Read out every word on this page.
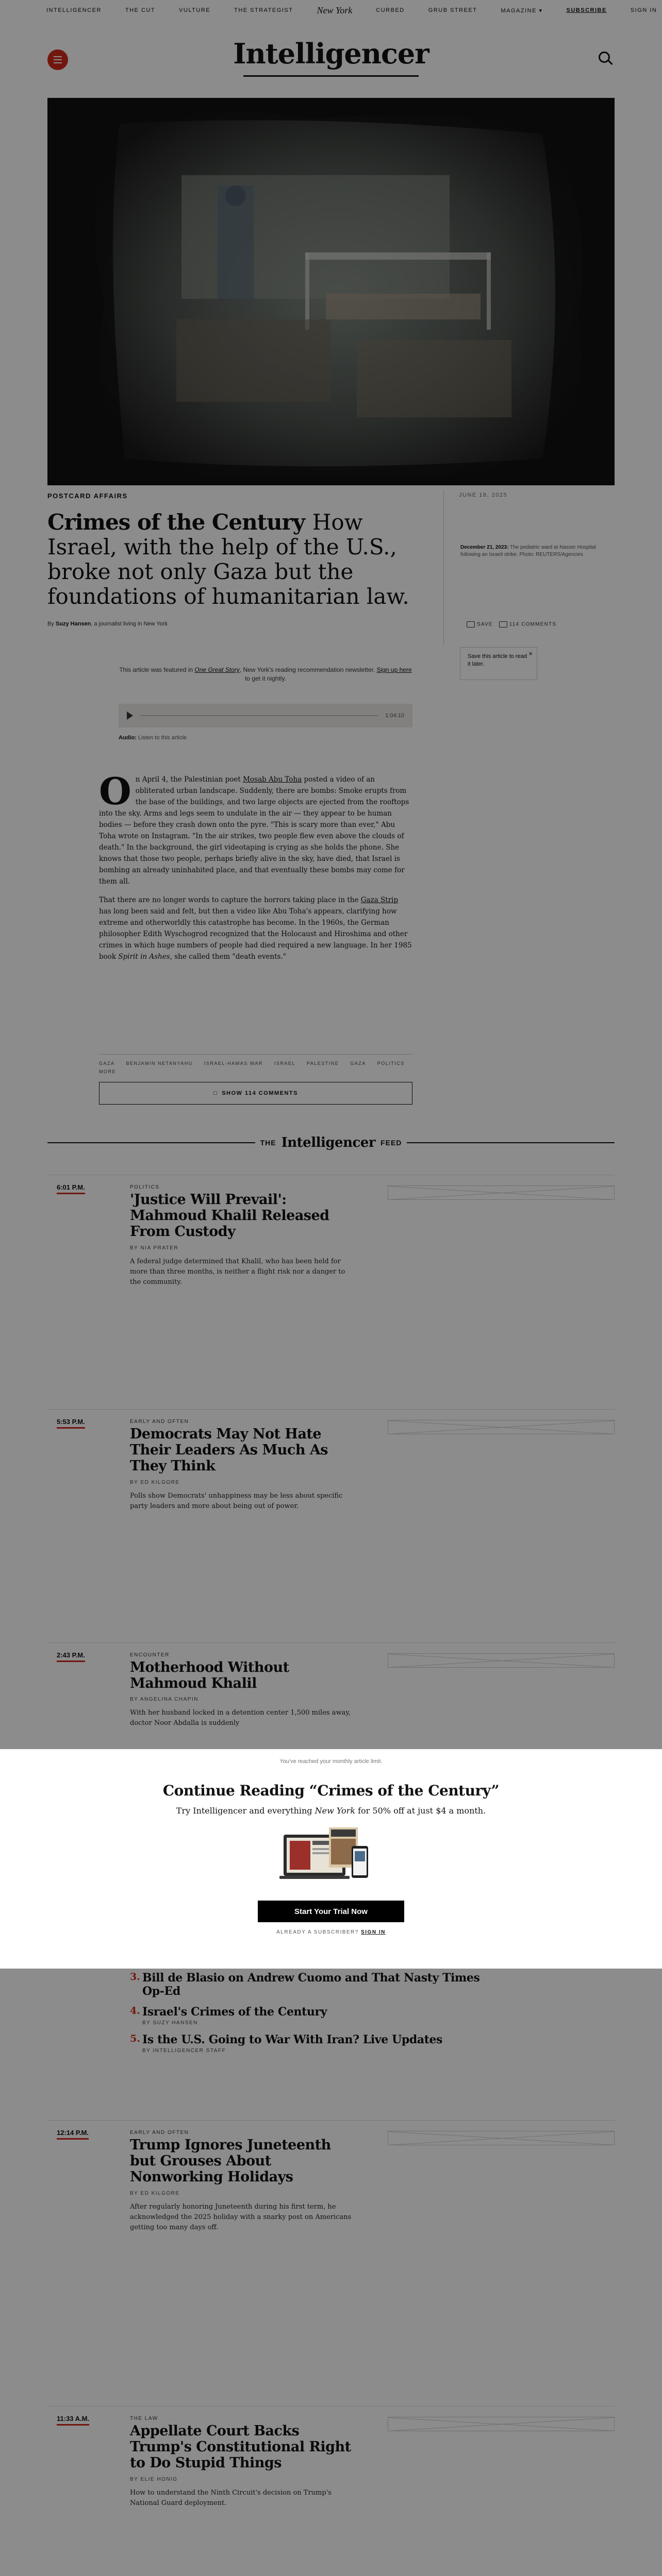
INTELLIGENCER	THE CUT	VULTURE	THE STRATEGIST	New York	CURBED	GRUB STREET	MAGAZINE ▾	SUBSCRIBE	SIGN IN
Intelligencer
POSTCARD AFFAIRS	JUNE 18, 2025
Crimes of the Century How Israel, with the help of the U.S., broke not only Gaza but the foundations of humanitarian law.
By Suzy Hansen, a journalist living in New York
December 21, 2023: The pediatric ward at Nasser Hospital following an Israeli strike. Photo: REUTERS/Agencies
SAVE	114 COMMENTS
Save this article to read it later.
×
This article was featured in One Great Story, New York's reading recommendation newsletter. Sign up here to get it nightly.
1:04:10
Audio: Listen to this article

On April 4, the Palestinian poet Mosab Abu Toha posted a video of an obliterated urban landscape. Suddenly, there are bombs: Smoke erupts from the base of the buildings, and two large objects are ejected from the rooftops into the sky. Arms and legs seem to undulate in the air — they appear to be human bodies — before they crash down onto the pyre. "This is scary more than ever," Abu Toha wrote on Instagram. "In the air strikes, two people flew even above the clouds of death." In the background, the girl videotaping is crying as she holds the phone. She knows that those two people, perhaps briefly alive in the sky, have died, that Israel is bombing an already uninhabited place, and that eventually these bombs may come for them all.

That there are no longer words to capture the horrors taking place in the Gaza Strip has long been said and felt, but then a video like Abu Toha's appears, clarifying how extreme and otherworldly this catastrophe has become. In the 1960s, the German philosopher Edith Wyschogrod recognized that the Holocaust and Hiroshima and other crimes in which huge numbers of people had died required a new language. In her 1985 book Spirit in Ashes, she called them "death events."

GAZA BENJAMIN NETANYAHU ISRAEL-HAMAS WAR ISRAEL PALESTINE GAZA POLITICS
MORE
□ SHOW 114 COMMENTS
THE Intelligencer FEED
6:01 P.M.	POLITICS
'Justice Will Prevail': Mahmoud Khalil Released From Custody
BY NIA PRATER
A federal judge determined that Khalil, who has been held for more than three months, is neither a flight risk nor a danger to the community.
5:53 P.M.	EARLY AND OFTEN
Democrats May Not Hate Their Leaders As Much As They Think
BY ED KILGORE
Polls show Democrats' unhappiness may be less about specific party leaders and more about being out of power.
2:43 P.M.	ENCOUNTER
Motherhood Without Mahmoud Khalil
BY ANGELINA CHAPIN
With her husband locked in a detention center 1,500 miles away, doctor Noor Abdalla is suddenly
3. Bill de Blasio on Andrew Cuomo and That Nasty Times Op-Ed
4. Israel's Crimes of the Century
BY SUZY HANSEN
5. Is the U.S. Going to War With Iran? Live Updates
BY INTELLIGENCER STAFF
12:14 P.M.	EARLY AND OFTEN
Trump Ignores Juneteenth but Grouses About Nonworking Holidays
BY ED KILGORE
After regularly honoring Juneteenth during his first term, he acknowledged the 2025 holiday with a snarky post on Americans getting too many days off.
11:33 A.M.	THE LAW
Appellate Court Backs Trump's Constitutional Right to Do Stupid Things
BY ELIE HONIG
How to understand the Ninth Circuit's decision on Trump's National Guard deployment.
You've reached your monthly article limit.
Continue Reading “Crimes of the Century”
Try Intelligencer and everything New York for 50% off at just $4 a month.
Start Your Trial Now
ALREADY A SUBSCRIBER? SIGN IN
